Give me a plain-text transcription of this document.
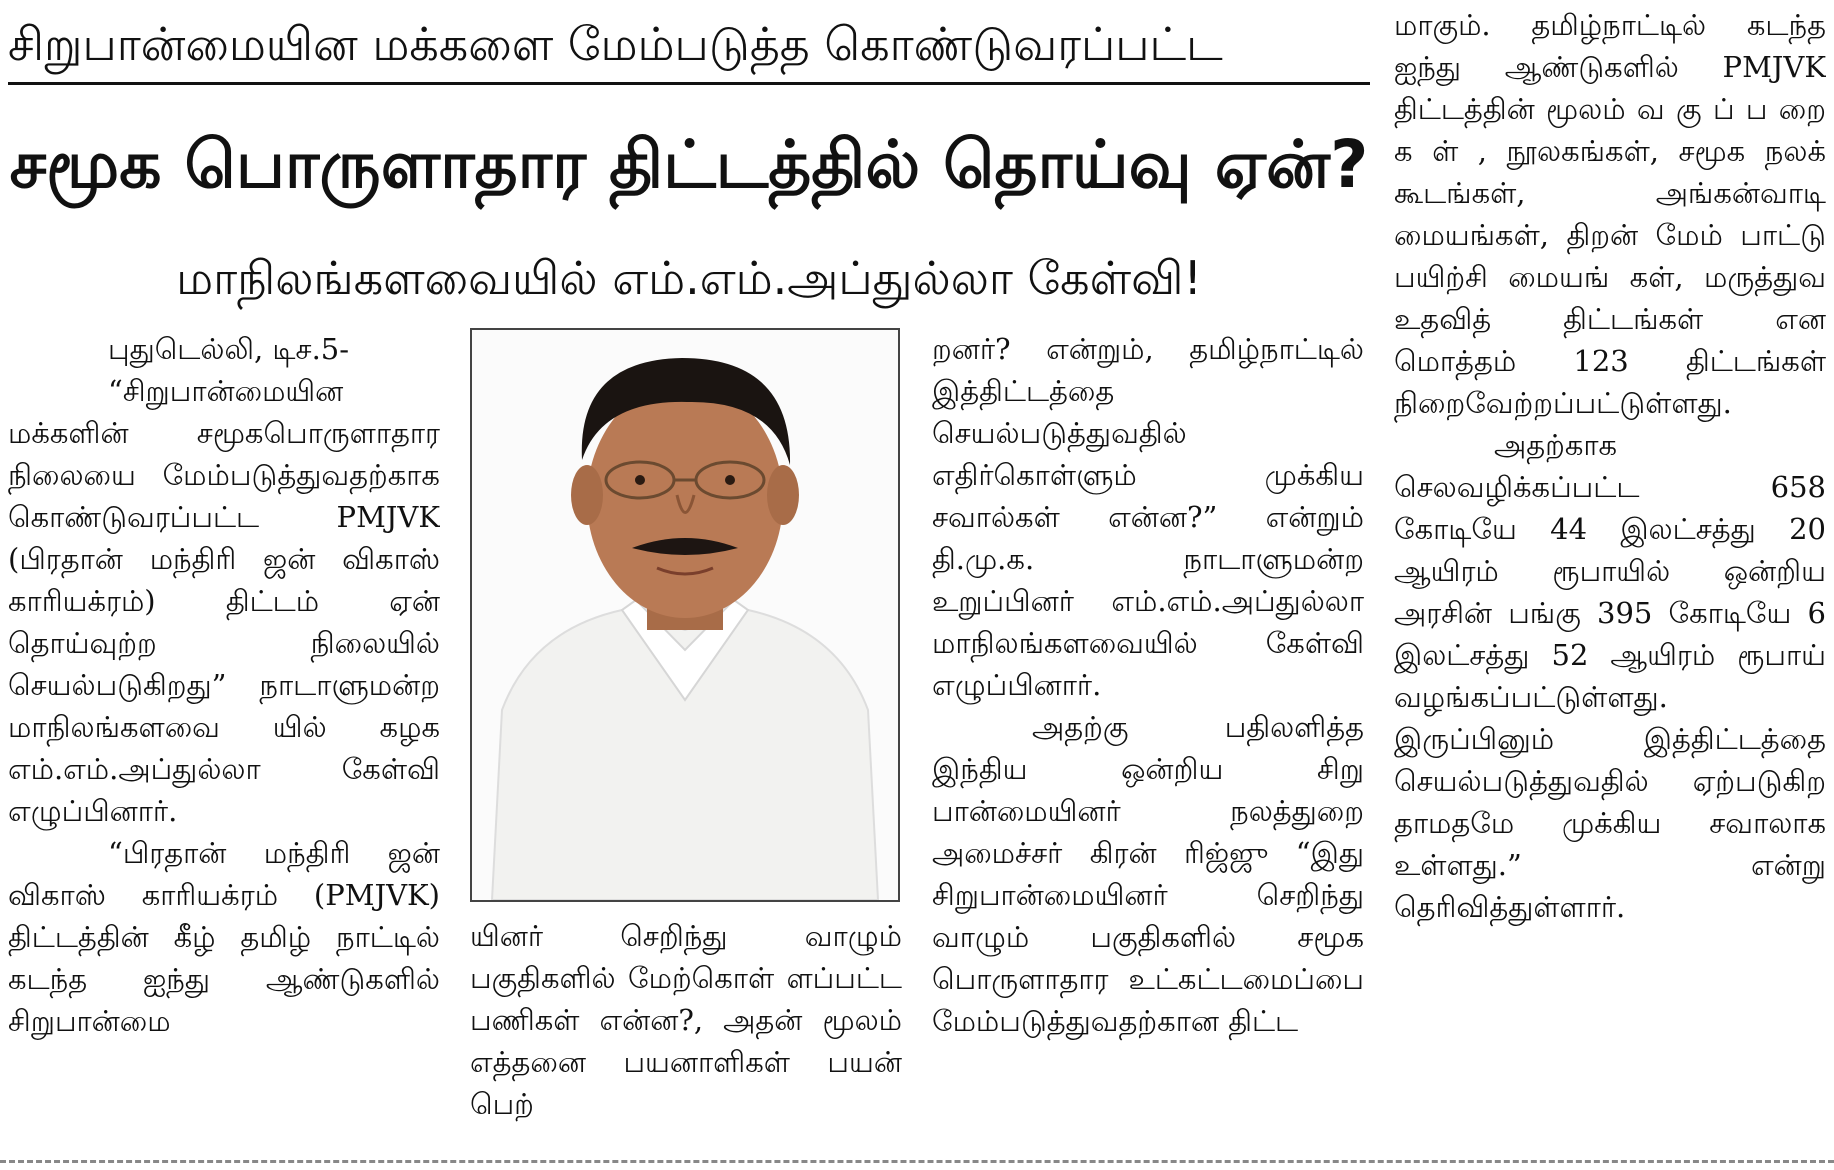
சிறுபான்மையின மக்களை மேம்படுத்த கொண்டுவரப்பட்ட
சமூக பொருளாதார திட்டத்தில் தொய்வு ஏன்?
மாநிலங்களவையில் எம்.எம்.அப்துல்லா கேள்வி!

புதுடெல்லி, டிச.5-

“சிறுபான்மையின மக்களின் சமூகபொருளாதார நிலையை மேம்படுத்துவதற்காக கொண்டுவரப்பட்ட PMJVK (பிரதான் மந்திரி ஜன் விகாஸ் காரியக்ரம்) திட்டம் ஏன் தொய்வுற்ற நிலையில் செயல்படுகிறது” நாடாளுமன்ற மாநிலங்களவை யில் கழக எம்.எம்.அப்துல்லா கேள்வி எழுப்பினார்.

“பிரதான் மந்திரி ஜன் விகாஸ் காரியக்ரம் (PMJVK) திட்டத்தின் கீழ் தமிழ் நாட்டில் கடந்த ஐந்து ஆண்டுகளில் சிறுபான்மை

யினர் செறிந்து வாழும் பகுதிகளில் மேற்கொள் ளப்பட்ட பணிகள் என்ன?, அதன் மூலம் எத்தனை பயனாளிகள் பயன் பெற்

றனர்? என்றும், தமிழ்நாட்டில் இத்திட்டத்தை செயல்படுத்துவதில் எதிர்கொள்ளும் முக்கிய சவால்கள் என்ன?” என்றும் தி.மு.க. நாடாளுமன்ற உறுப்பினர் எம்.எம்.அப்துல்லா மாநிலங்களவையில் கேள்வி எழுப்பினார்.

அதற்கு பதிலளித்த இந்திய ஒன்றிய சிறு பான்மையினர் நலத்துறை அமைச்சர் கிரன் ரிஜ்ஜு “இது சிறுபான்மையினர் செறிந்து வாழும் பகுதிகளில் சமூக பொருளாதார உட்கட்டமைப்பை மேம்படுத்துவதற்கான திட்ட

மாகும். தமிழ்நாட்டில் கடந்த ஐந்து ஆண்டுகளில் PMJVK திட்டத்தின் மூலம் வ கு ப் ப றை க ள் , நூலகங்கள், சமூக நலக் கூடங்கள், அங்கன்வாடி மையங்கள், திறன் மேம் பாட்டு பயிற்சி மையங் கள், மருத்துவ உதவித் திட்டங்கள் என மொத்தம் 123 திட்டங்கள் நிறைவேற்றப்பட்டுள்ளது.

அதற்காக செலவழிக்கப்பட்ட 658 கோடியே 44 இலட்சத்து 20 ஆயிரம் ரூபாயில் ஒன்றிய அரசின் பங்கு 395 கோடியே 6 இலட்சத்து 52 ஆயிரம் ரூபாய் வழங்கப்பட்டுள்ளது. இருப்பினும் இத்திட்டத்தை செயல்படுத்துவதில் ஏற்படுகிற தாமதமே முக்கிய சவாலாக உள்ளது.” என்று தெரிவித்துள்ளார்.
